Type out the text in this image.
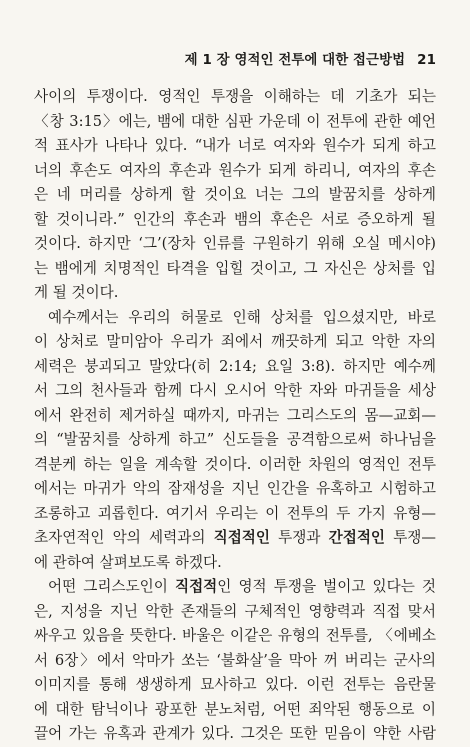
제 1 장 영적인 전투에 대한 접근방법 21
사이의 투쟁이다. 영적인 투쟁을 이해하는 데 기초가 되는
〈창 3:15〉에는, 뱀에 대한 심판 가운데 이 전투에 관한 예언
적 표사가 나타나 있다. “내가 너로 여자와 원수가 되게 하고
너의 후손도 여자의 후손과 원수가 되게 하리니, 여자의 후손
은 네 머리를 상하게 할 것이요 너는 그의 발꿈치를 상하게
할 것이니라.” 인간의 후손과 뱀의 후손은 서로 증오하게 될
것이다. 하지만 ‘그’(장차 인류를 구원하기 위해 오실 메시야)
는 뱀에게 치명적인 타격을 입힐 것이고, 그 자신은 상처를 입
게 될 것이다.
예수께서는 우리의 허물로 인해 상처를 입으셨지만, 바로
이 상처로 말미암아 우리가 죄에서 깨끗하게 되고 악한 자의
세력은 붕괴되고 말았다(히 2:14; 요일 3:8). 하지만 예수께
서 그의 천사들과 함께 다시 오시어 악한 자와 마귀들을 세상
에서 완전히 제거하실 때까지, 마귀는 그리스도의 몸—교회—
의 “발꿈치를 상하게 하고” 신도들을 공격함으로써 하나님을
격분케 하는 일을 계속할 것이다. 이러한 차원의 영적인 전투
에서는 마귀가 악의 잠재성을 지닌 인간을 유혹하고 시험하고
조롱하고 괴롭힌다. 여기서 우리는 이 전투의 두 가지 유형—
초자연적인 악의 세력과의 직접적인 투쟁과 간접적인 투쟁—
에 관하여 살펴보도록 하겠다.
어떤 그리스도인이 직접적인 영적 투쟁을 벌이고 있다는 것
은, 지성을 지닌 악한 존재들의 구체적인 영향력과 직접 맞서
싸우고 있음을 뜻한다. 바울은 이같은 유형의 전투를, 〈에베소
서 6장〉에서 악마가 쏘는 ‘불화살’을 막아 꺼 버리는 군사의
이미지를 통해 생생하게 묘사하고 있다. 이런 전투는 음란물
에 대한 탐닉이나 광포한 분노처럼, 어떤 죄악된 행동으로 이
끌어 가는 유혹과 관계가 있다. 그것은 또한 믿음이 약한 사람
